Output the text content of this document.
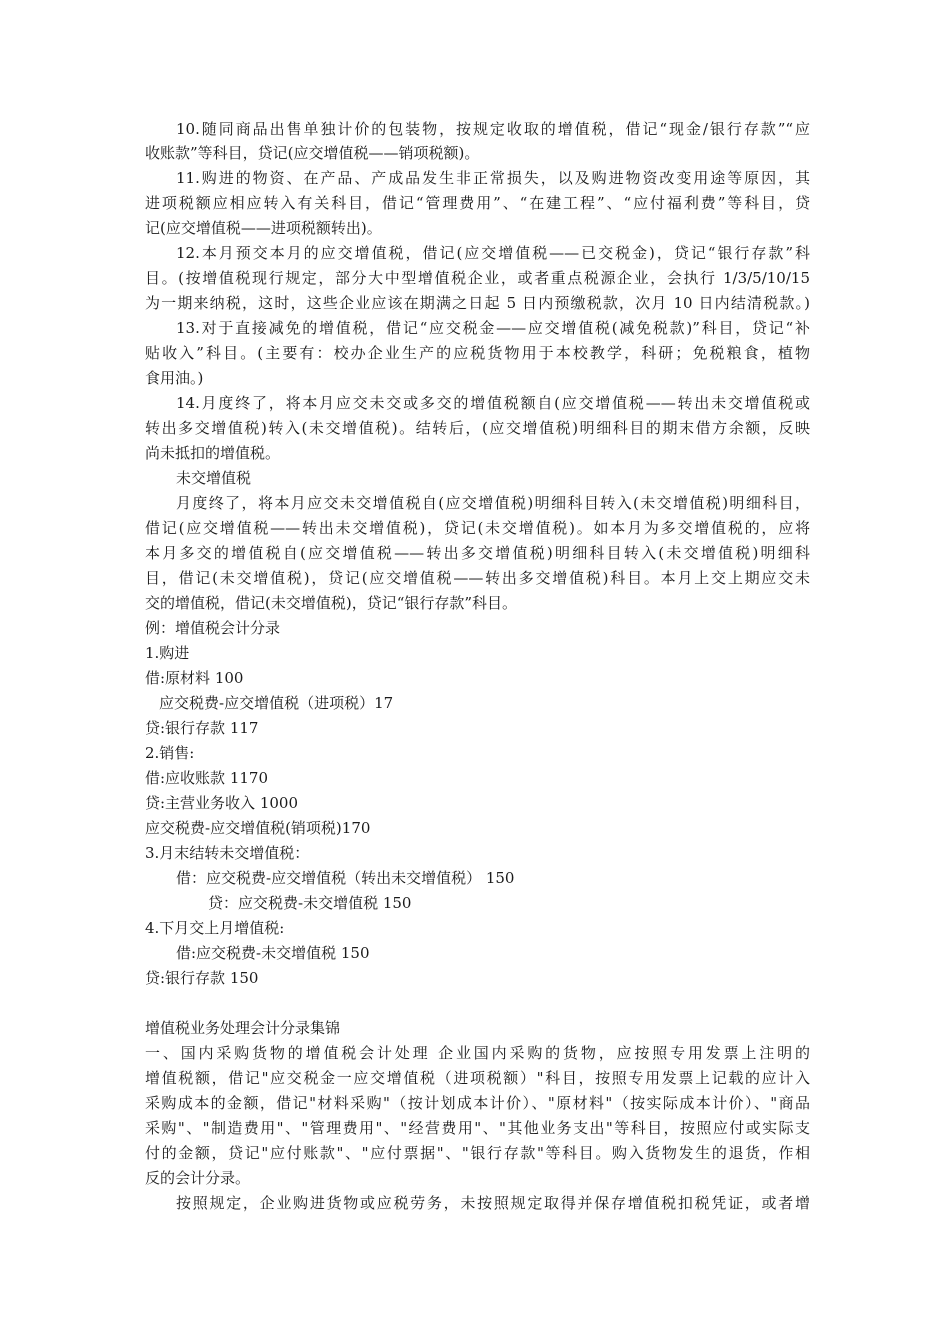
10.随同商品出售单独计价的包装物，按规定收取的增值税，借记“现金/银行存款”“应
收账款”等科目，贷记(应交增值税——销项税额)。
11.购进的物资、在产品、产成品发生非正常损失，以及购进物资改变用途等原因，其
进项税额应相应转入有关科目，借记“管理费用”、“在建工程”、“应付福利费”等科目，贷
记(应交增值税——进项税额转出)。
12.本月预交本月的应交增值税，借记(应交增值税——已交税金)，贷记“银行存款”科
目。(按增值税现行规定，部分大中型增值税企业，或者重点税源企业，会执行 1/3/5/10/15
为一期来纳税，这时，这些企业应该在期满之日起 5 日内预缴税款，次月 10 日内结清税款。)
13.对于直接减免的增值税，借记“应交税金——应交增值税(减免税款)”科目，贷记“补
贴收入”科目。(主要有：校办企业生产的应税货物用于本校教学，科研；免税粮食，植物
食用油。)
14.月度终了，将本月应交未交或多交的增值税额自(应交增值税——转出未交增值税或
转出多交增值税)转入(未交增值税)。结转后，(应交增值税)明细科目的期末借方余额，反映
尚未抵扣的增值税。
未交增值税
月度终了，将本月应交未交增值税自(应交增值税)明细科目转入(未交增值税)明细科目，
借记(应交增值税——转出未交增值税)，贷记(未交增值税)。如本月为多交增值税的，应将
本月多交的增值税自(应交增值税——转出多交增值税)明细科目转入(未交增值税)明细科
目，借记(未交增值税)，贷记(应交增值税——转出多交增值税)科目。本月上交上期应交未
交的增值税，借记(未交增值税)，贷记“银行存款”科目。
例：增值税会计分录
1.购进
借:原材料 100
应交税费-应交增值税（进项税）17
贷:银行存款 117
2.销售:
借:应收账款 1170
贷:主营业务收入 1000
应交税费-应交增值税(销项税)170
3.月末结转未交增值税：
借：应交税费-应交增值税（转出未交增值税） 150
贷：应交税费-未交增值税 150
4.下月交上月增值税:
借:应交税费-未交增值税 150
贷:银行存款 150
增值税业务处理会计分录集锦
一、国内采购货物的增值税会计处理 企业国内采购的货物，应按照专用发票上注明的
增值税额，借记"应交税金一应交增值税（进项税额）"科目，按照专用发票上记载的应计入
采购成本的金额，借记"材料采购"（按计划成本计价）、"原材料"（按实际成本计价）、"商品
采购"、"制造费用"、"管理费用"、"经营费用"、"其他业务支出"等科目，按照应付或实际支
付的金额，贷记"应付账款"、"应付票据"、"银行存款"等科目。购入货物发生的退货，作相
反的会计分录。
按照规定，企业购进货物或应税劳务，未按照规定取得并保存增值税扣税凭证，或者增
